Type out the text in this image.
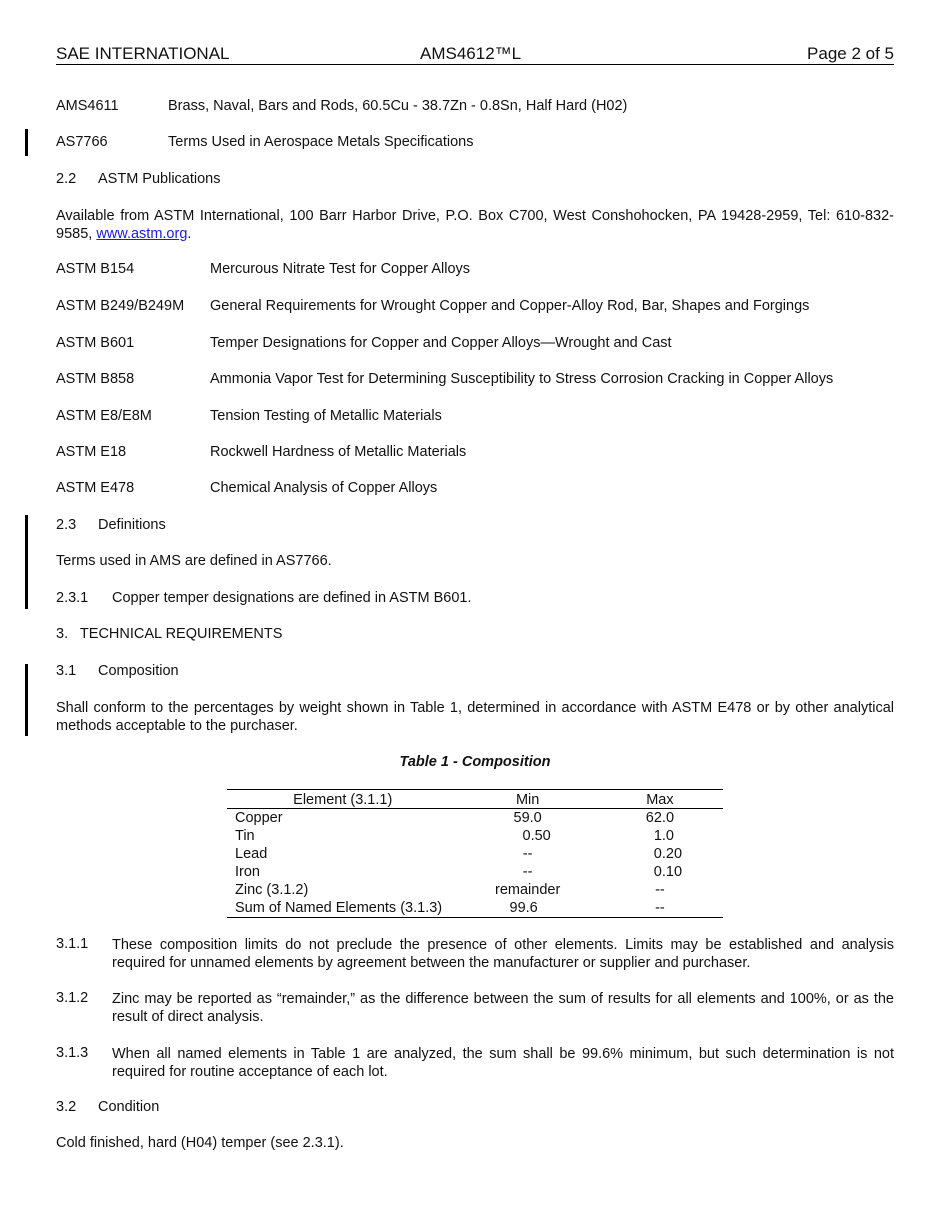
SAE INTERNATIONAL	AMS4612™L	Page 2 of 5
AMS4611	Brass, Naval, Bars and Rods, 60.5Cu - 38.7Zn - 0.8Sn, Half Hard (H02)
AS7766	Terms Used in Aerospace Metals Specifications
2.2 ASTM Publications
Available from ASTM International, 100 Barr Harbor Drive, P.O. Box C700, West Conshohocken, PA 19428-2959, Tel: 610-832-9585, www.astm.org.
ASTM B154	Mercurous Nitrate Test for Copper Alloys
ASTM B249/B249M General Requirements for Wrought Copper and Copper-Alloy Rod, Bar, Shapes and Forgings
ASTM B601	Temper Designations for Copper and Copper Alloys—Wrought and Cast
ASTM B858	Ammonia Vapor Test for Determining Susceptibility to Stress Corrosion Cracking in Copper Alloys
ASTM E8/E8M	Tension Testing of Metallic Materials
ASTM E18	Rockwell Hardness of Metallic Materials
ASTM E478	Chemical Analysis of Copper Alloys
2.3 Definitions
Terms used in AMS are defined in AS7766.
2.3.1 Copper temper designations are defined in ASTM B601.
3.   TECHNICAL REQUIREMENTS
3.1 Composition
Shall conform to the percentages by weight shown in Table 1, determined in accordance with ASTM E478 or by other analytical methods acceptable to the purchaser.
Table 1 - Composition
Element (3.1.1)	Min	Max
Copper	59.0	62.0
Tin	0.50	1.0
Lead	--	0.20
Iron	--	0.10
Zinc (3.1.2)	remainder	--
Sum of Named Elements (3.1.3)	99.6	--
3.1.1 These composition limits do not preclude the presence of other elements. Limits may be established and analysis required for unnamed elements by agreement between the manufacturer or supplier and purchaser.
3.1.2 Zinc may be reported as “remainder,” as the difference between the sum of results for all elements and 100%, or as the result of direct analysis.
3.1.3 When all named elements in Table 1 are analyzed, the sum shall be 99.6% minimum, but such determination is not required for routine acceptance of each lot.
3.2 Condition
Cold finished, hard (H04) temper (see 2.3.1).
